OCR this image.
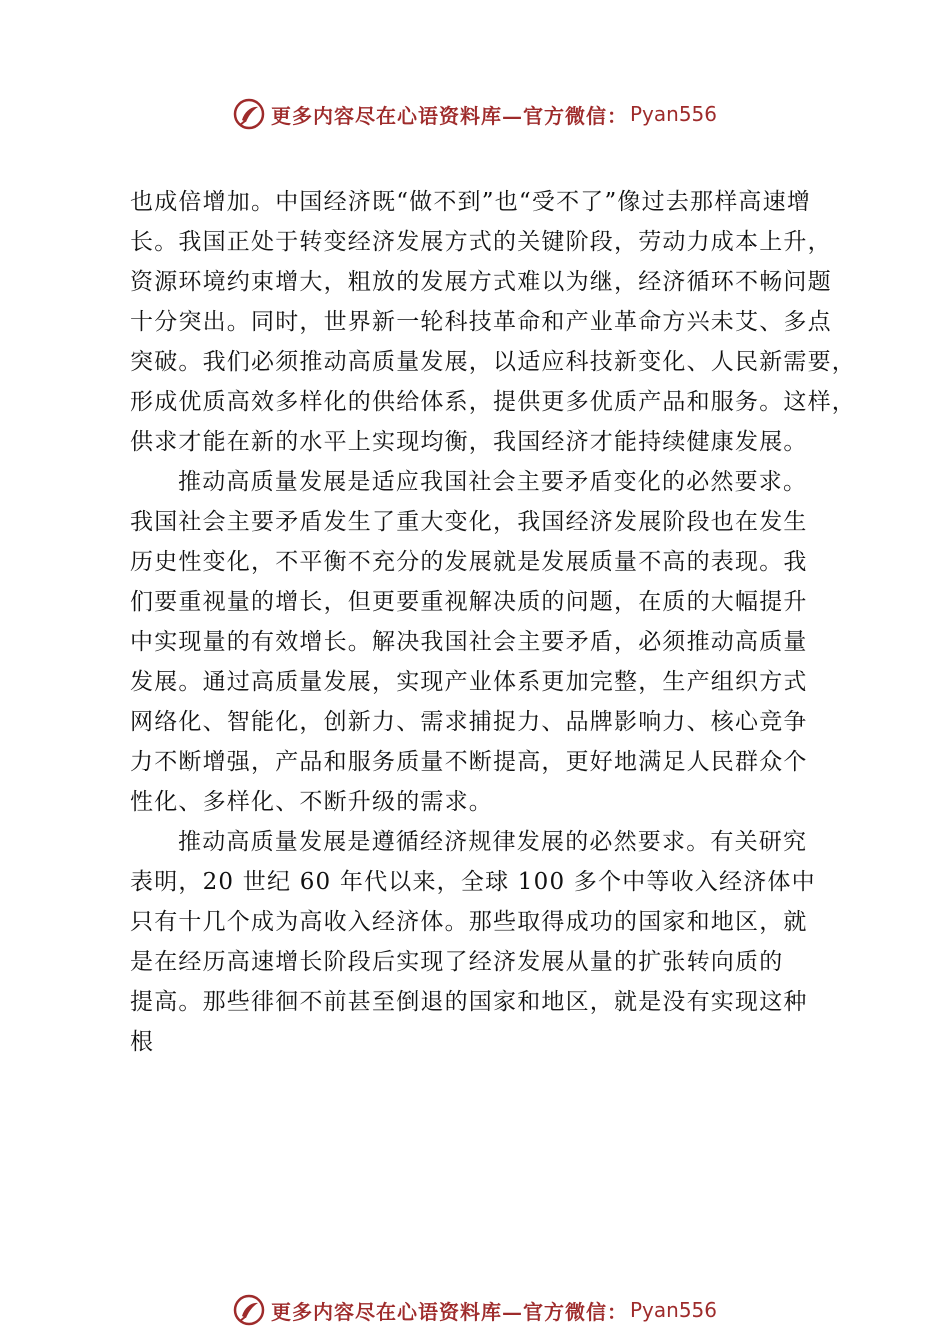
更多内容尽在心语资料库—官方微信： Pyan556
也成倍增加。中国经济既“做不到”也“受不了”像过去那样高速增
长。我国正处于转变经济发展方式的关键阶段，劳动力成本上升，
资源环境约束增大，粗放的发展方式难以为继，经济循环不畅问题
十分突出。同时，世界新一轮科技革命和产业革命方兴未艾、多点
突破。我们必须推动高质量发展，以适应科技新变化、人民新需要，
形成优质高效多样化的供给体系，提供更多优质产品和服务。这样，
供求才能在新的水平上实现均衡，我国经济才能持续健康发展。
推动高质量发展是适应我国社会主要矛盾变化的必然要求。
我国社会主要矛盾发生了重大变化，我国经济发展阶段也在发生
历史性变化，不平衡不充分的发展就是发展质量不高的表现。我
们要重视量的增长，但更要重视解决质的问题，在质的大幅提升
中实现量的有效增长。解决我国社会主要矛盾，必须推动高质量
发展。通过高质量发展，实现产业体系更加完整，生产组织方式
网络化、智能化，创新力、需求捕捉力、品牌影响力、核心竞争
力不断增强，产品和服务质量不断提高，更好地满足人民群众个
性化、多样化、不断升级的需求。
推动高质量发展是遵循经济规律发展的必然要求。有关研究
表明，20 世纪 60 年代以来，全球 100 多个中等收入经济体中
只有十几个成为高收入经济体。那些取得成功的国家和地区，就
是在经历高速增长阶段后实现了经济发展从量的扩张转向质的
提高。那些徘徊不前甚至倒退的国家和地区，就是没有实现这种
根
更多内容尽在心语资料库—官方微信： Pyan556
